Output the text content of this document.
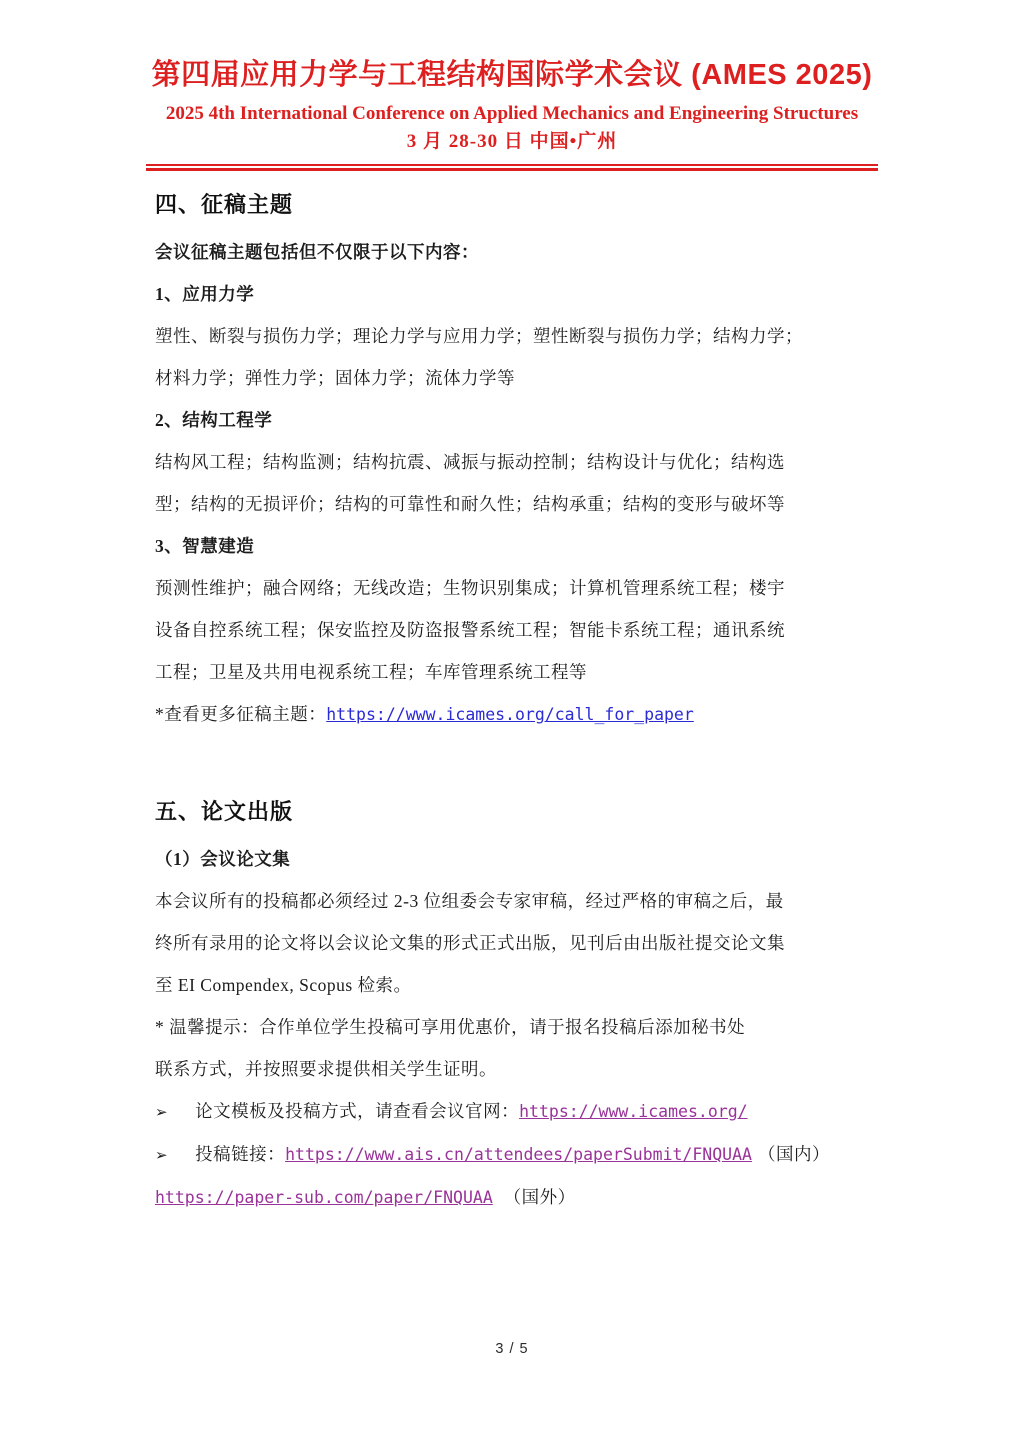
第四届应用力学与工程结构国际学术会议 (AMES 2025)
2025 4th International Conference on Applied Mechanics and Engineering Structures
3 月 28-30 日 中国•广州
四、征稿主题
会议征稿主题包括但不仅限于以下内容：
1、应用力学
塑性、断裂与损伤力学；理论力学与应用力学；塑性断裂与损伤力学；结构力学；
材料力学；弹性力学；固体力学；流体力学等
2、结构工程学
结构风工程；结构监测；结构抗震、减振与振动控制；结构设计与优化；结构选
型；结构的无损评价；结构的可靠性和耐久性；结构承重；结构的变形与破坏等
3、智慧建造
预测性维护；融合网络；无线改造；生物识别集成；计算机管理系统工程；楼宇
设备自控系统工程；保安监控及防盗报警系统工程；智能卡系统工程；通讯系统
工程；卫星及共用电视系统工程；车库管理系统工程等
*查看更多征稿主题：https://www.icames.org/call_for_paper
五、论文出版
（1）会议论文集
本会议所有的投稿都必须经过 2-3 位组委会专家审稿，经过严格的审稿之后，最
终所有录用的论文将以会议论文集的形式正式出版，见刊后由出版社提交论文集
至 EI Compendex, Scopus 检索。
* 温馨提示：合作单位学生投稿可享用优惠价，请于报名投稿后添加秘书处
联系方式，并按照要求提供相关学生证明。
➢ 论文模板及投稿方式，请查看会议官网： https://www.icames.org/
➢ 投稿链接： https://www.ais.cn/attendees/paperSubmit/FNQUAA （国内）
https://paper-sub.com/paper/FNQUAA （国外）
3 / 5
